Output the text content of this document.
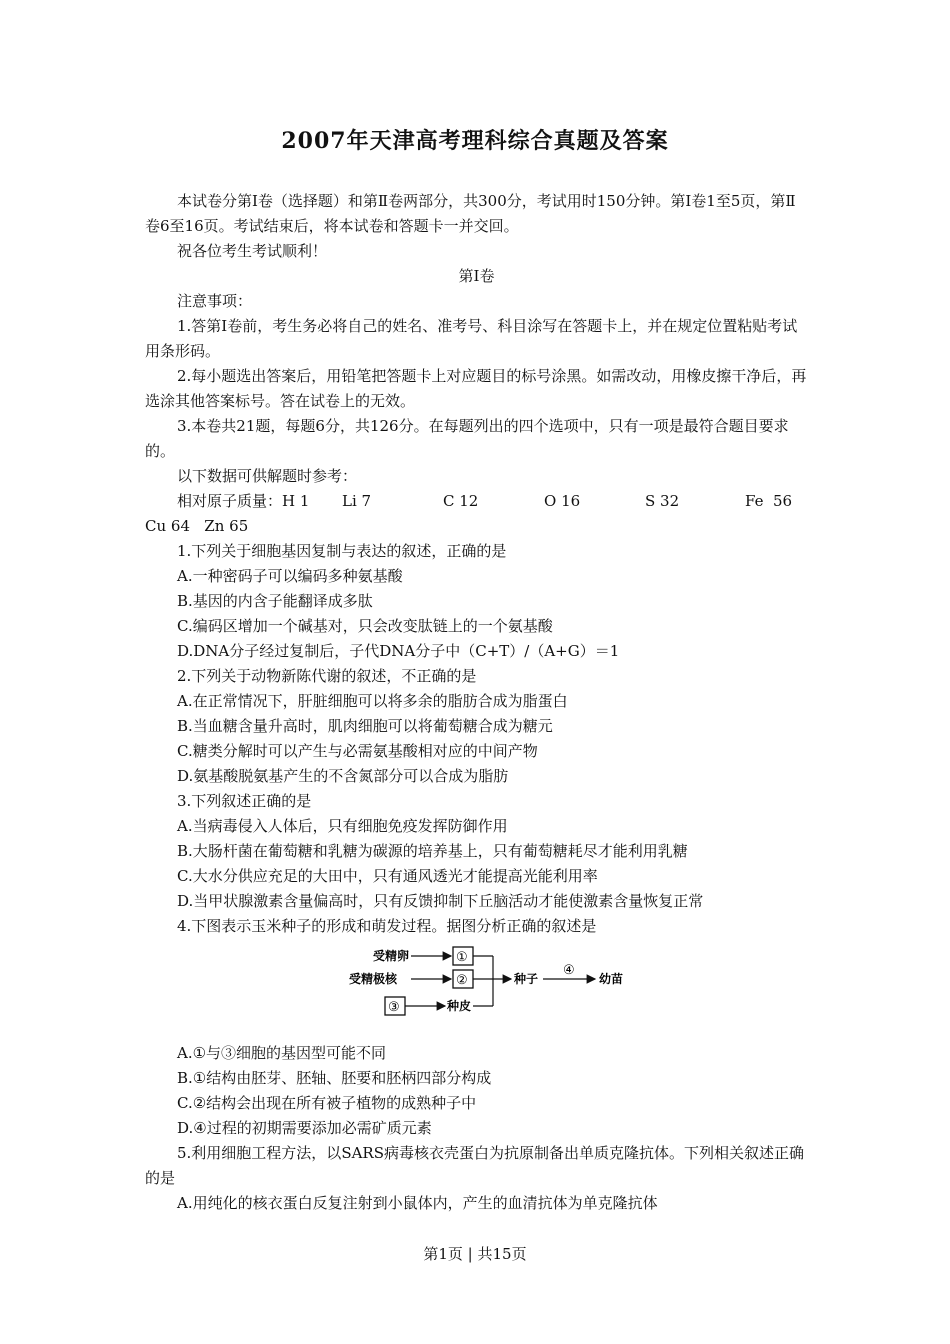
2007年天津高考理科综合真题及答案

本试卷分第Ⅰ卷（选择题）和第Ⅱ卷两部分，共300分，考试用时150分钟。第Ⅰ卷1至5页，第Ⅱ卷6至16页。考试结束后，将本试卷和答题卡一并交回。

祝各位考生考试顺利！

第Ⅰ卷

注意事项：

1.答第Ⅰ卷前，考生务必将自己的姓名、准考号、科目涂写在答题卡上，并在规定位置粘贴考试用条形码。

2.每小题选出答案后，用铅笔把答题卡上对应题目的标号涂黑。如需改动，用橡皮擦干净后，再选涂其他答案标号。答在试卷上的无效。

3.本卷共21题，每题6分，共126分。在每题列出的四个选项中，只有一项是最符合题目要求的。

以下数据可供解题时参考：

相对原子质量： H 1	Li 7	C 12	O 16	S 32	Fe  56

Cu 64   Zn 65

1.下列关于细胞基因复制与表达的叙述，正确的是

A.一种密码子可以编码多种氨基酸

B.基因的内含子能翻译成多肽

C.编码区增加一个碱基对，只会改变肽链上的一个氨基酸

D.DNA分子经过复制后，子代DNA分子中（C+T）/（A+G）＝1

2.下列关于动物新陈代谢的叙述，不正确的是

A.在正常情况下，肝脏细胞可以将多余的脂肪合成为脂蛋白

B.当血糖含量升高时，肌肉细胞可以将葡萄糖合成为糖元

C.糖类分解时可以产生与必需氨基酸相对应的中间产物

D.氨基酸脱氨基产生的不含氮部分可以合成为脂肪

3.下列叙述正确的是

A.当病毒侵入人体后，只有细胞免疫发挥防御作用

B.大肠杆菌在葡萄糖和乳糖为碳源的培养基上，只有葡萄糖耗尽才能利用乳糖

C.大水分供应充足的大田中，只有通风透光才能提高光能利用率

D.当甲状腺激素含量偏高时，只有反馈抑制下丘脑活动才能使激素含量恢复正常

4.下图表示玉米种子的形成和萌发过程。据图分析正确的叙述是

受精卵	①
受精极核	②
③	种皮
种子
④
幼苗

A.①与③细胞的基因型可能不同

B.①结构由胚芽、胚轴、胚要和胚柄四部分构成

C.②结构会出现在所有被子植物的成熟种子中

D.④过程的初期需要添加必需矿质元素

5.利用细胞工程方法，以SARS病毒核衣壳蛋白为抗原制备出单质克隆抗体。下列相关叙述正确的是

A.用纯化的核衣蛋白反复注射到小鼠体内，产生的血清抗体为单克隆抗体

第1页 | 共15页
